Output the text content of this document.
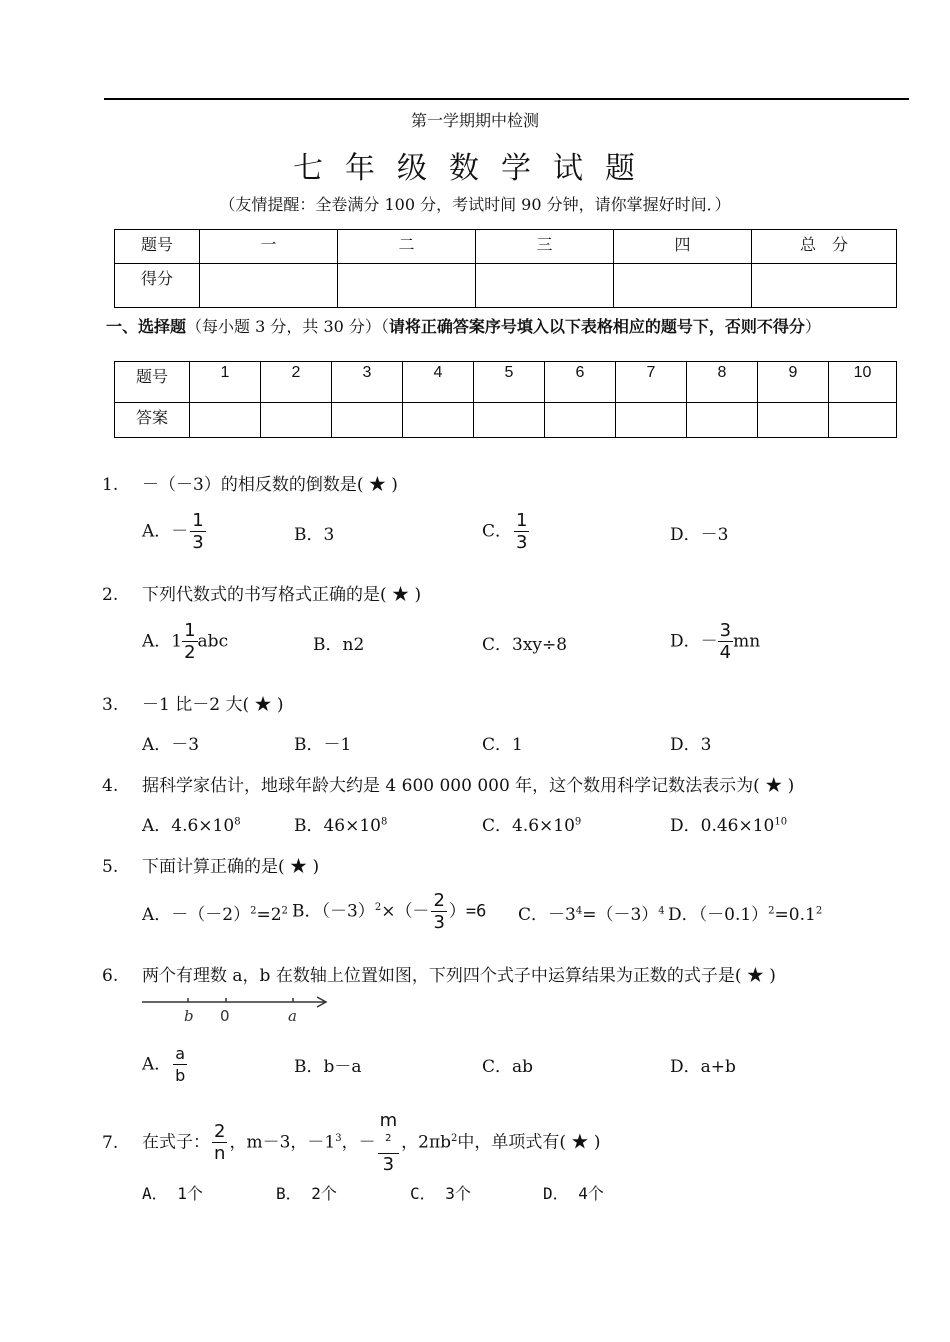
第一学期期中检测
七年级数学试题
（友情提醒：全卷满分 100 分，考试时间 90 分钟，请你掌握好时间．）
题号	一	二	三	四	总　分
得分					
一、选择题（每小题 3 分，共 30 分）（请将正确答案序号填入以下表格相应的题号下，否则不得分）
题号	1	2	3	4	5	6	7	8	9	10
答案										
1. －（－3）的相反数的倒数是( ★ )
A．－ $\frac{1}{3}$	B．3	C． $\frac{1}{3}$	D．－3
2. 下列代数式的书写格式正确的是( ★ )
A．$1 \frac{1}{2}$ abc	B．n2	C．3xy÷8	D．－ $\frac{3}{4}$ mn
3. －1 比－2 大( ★ )
A．－3	B．－1	C．1	D．3
4. 据科学家估计，地球年龄大约是 4 600 000 000 年，这个数用科学记数法表示为( ★ )
A．$4.6\times 10^8$	B．$46\times 10^8$	C．$4.6\times 10^9$	D．$0.46\times 10^{10}$
5. 下面计算正确的是( ★ )
A．$-(-2)^2=2^2$ B．$(-3)^2\times(- \frac{2}{3} )=6$ C．$-3^4=(-3)^4$ D．$(-0.1)^2=0.1^2$
6. 两个有理数 a，b 在数轴上位置如图，下列四个式子中运算结果为正数的式子是( ★ )
b 0	a
A． $\frac{a}{b}$	B．b－a	C．ab	D．a+b
7. 在式子： $\frac{2}{n}$ ，m－3，$-1^3$，－ m
$^2$
3 ，$2\pi b^2$中，单项式有( ★ )
A． 1个	B． 2个	C． 3个	D． 4个
